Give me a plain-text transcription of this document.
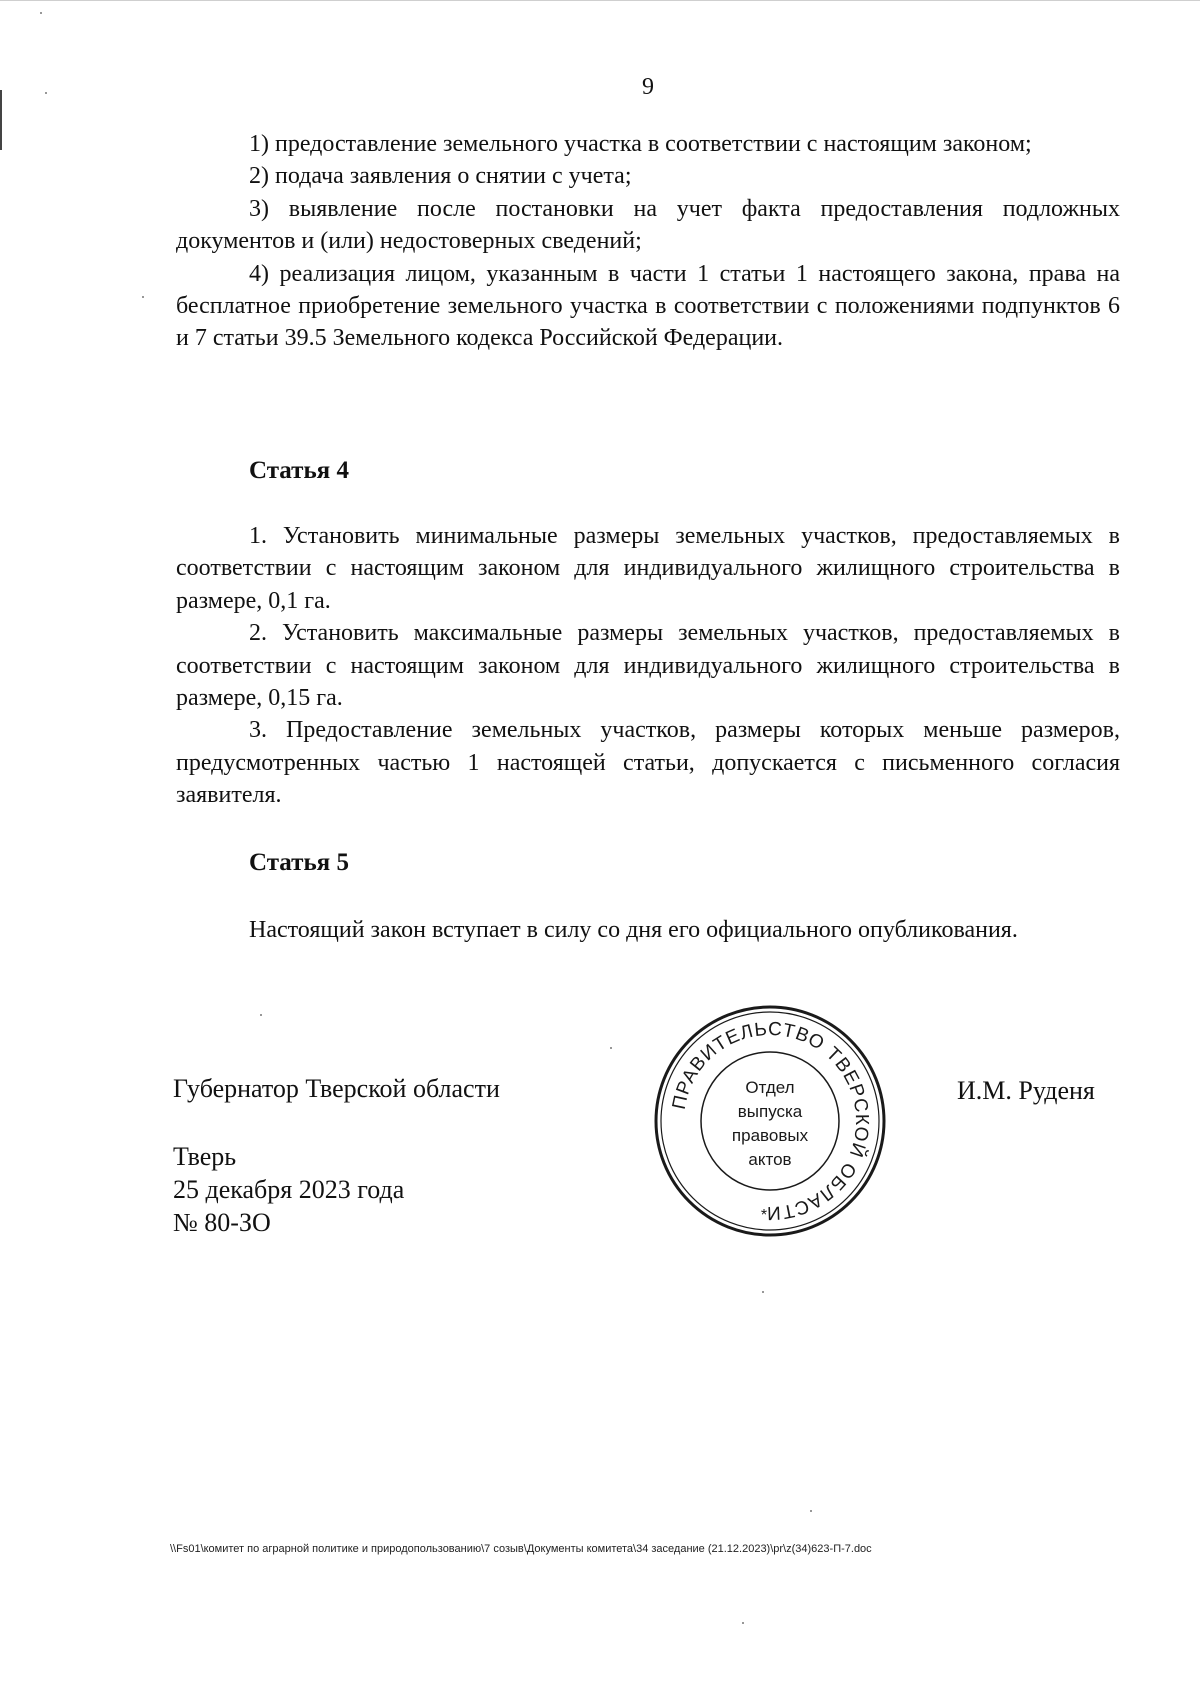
9

1) предоставление земельного участка в соответствии с настоящим законом;

2) подача заявления о снятии с учета;

3) выявление после постановки на учет факта предоставления подложных документов и (или) недостоверных сведений;

4) реализация лицом, указанным в части 1 статьи 1 настоящего закона, права на бесплатное приобретение земельного участка в соответствии с положениями подпунктов 6 и 7 статьи 39.5 Земельного кодекса Российской Федерации.

Статья 4

1. Установить минимальные размеры земельных участков, предоставляемых в соответствии с настоящим законом для индивидуального жилищного строительства в размере, 0,1 га.

2. Установить максимальные размеры земельных участков, предоставляемых в соответствии с настоящим законом для индивидуального жилищного строительства в размере, 0,15 га.

3. Предоставление земельных участков, размеры которых меньше размеров, предусмотренных частью 1 настоящей статьи, допускается с письменного согласия заявителя.

Статья 5

Настоящий закон вступает в силу со дня его официального опубликования.

Губернатор Тверской области	И.М. Руденя
Тверь
25 декабря 2023 года
№ 80-ЗО
ПРАВИТЕЛЬСТВО ТВЕРСКОЙ ОБЛАСТИ
Отдел
выпуска
правовых
актов
*
\\Fs01\комитет по аграрной политике и природопользованию\7 созыв\Документы комитета\34 заседание (21.12.2023)\pr\z(34)623-П-7.doc
